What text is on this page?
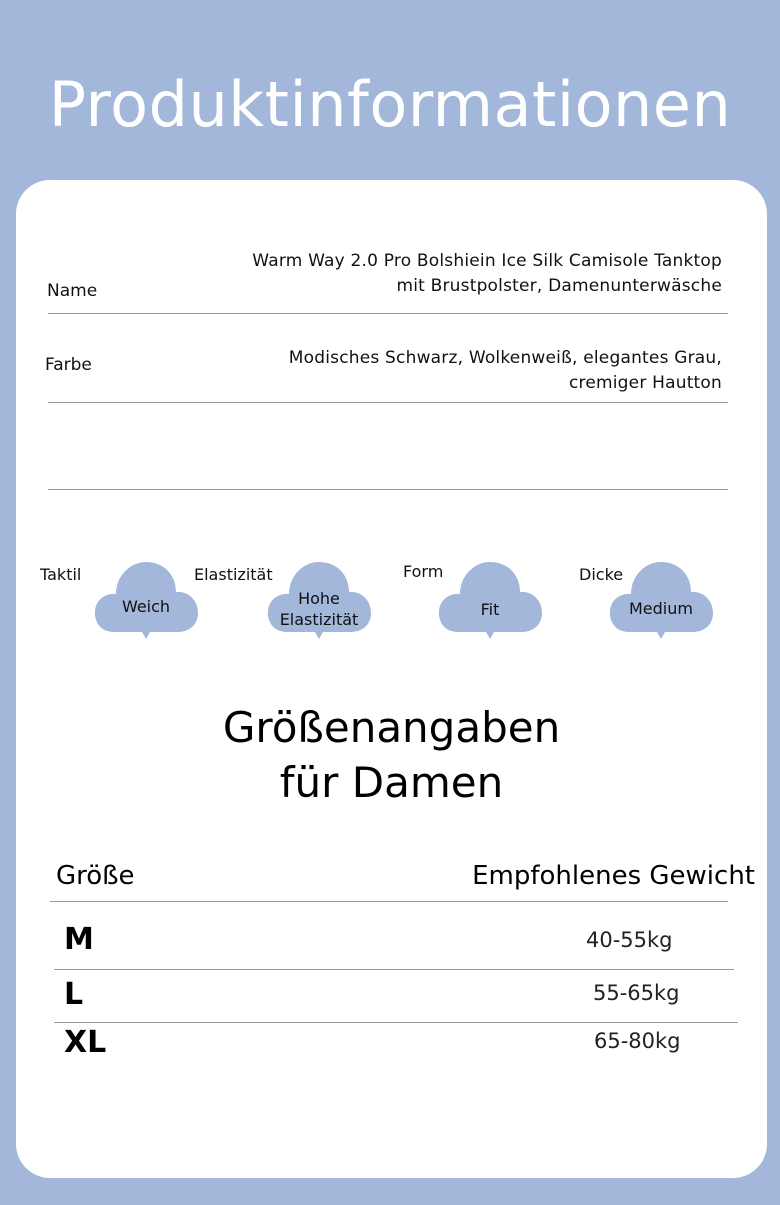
Produktinformationen
Name
Warm Way 2.0 Pro Bolshiein Ice Silk Camisole Tanktop
mit Brustpolster, Damenunterwäsche
Farbe	Modisches Schwarz, Wolkenweiß, elegantes Grau,
cremiger Hautton
Taktil
Weich
Elastizität
Hohe
Elastizität
Form
Fit
Dicke
Medium
Größenangaben
für Damen
Größe	Empfohlenes Gewicht
M	40-55kg
L	55-65kg
XL	65-80kg
